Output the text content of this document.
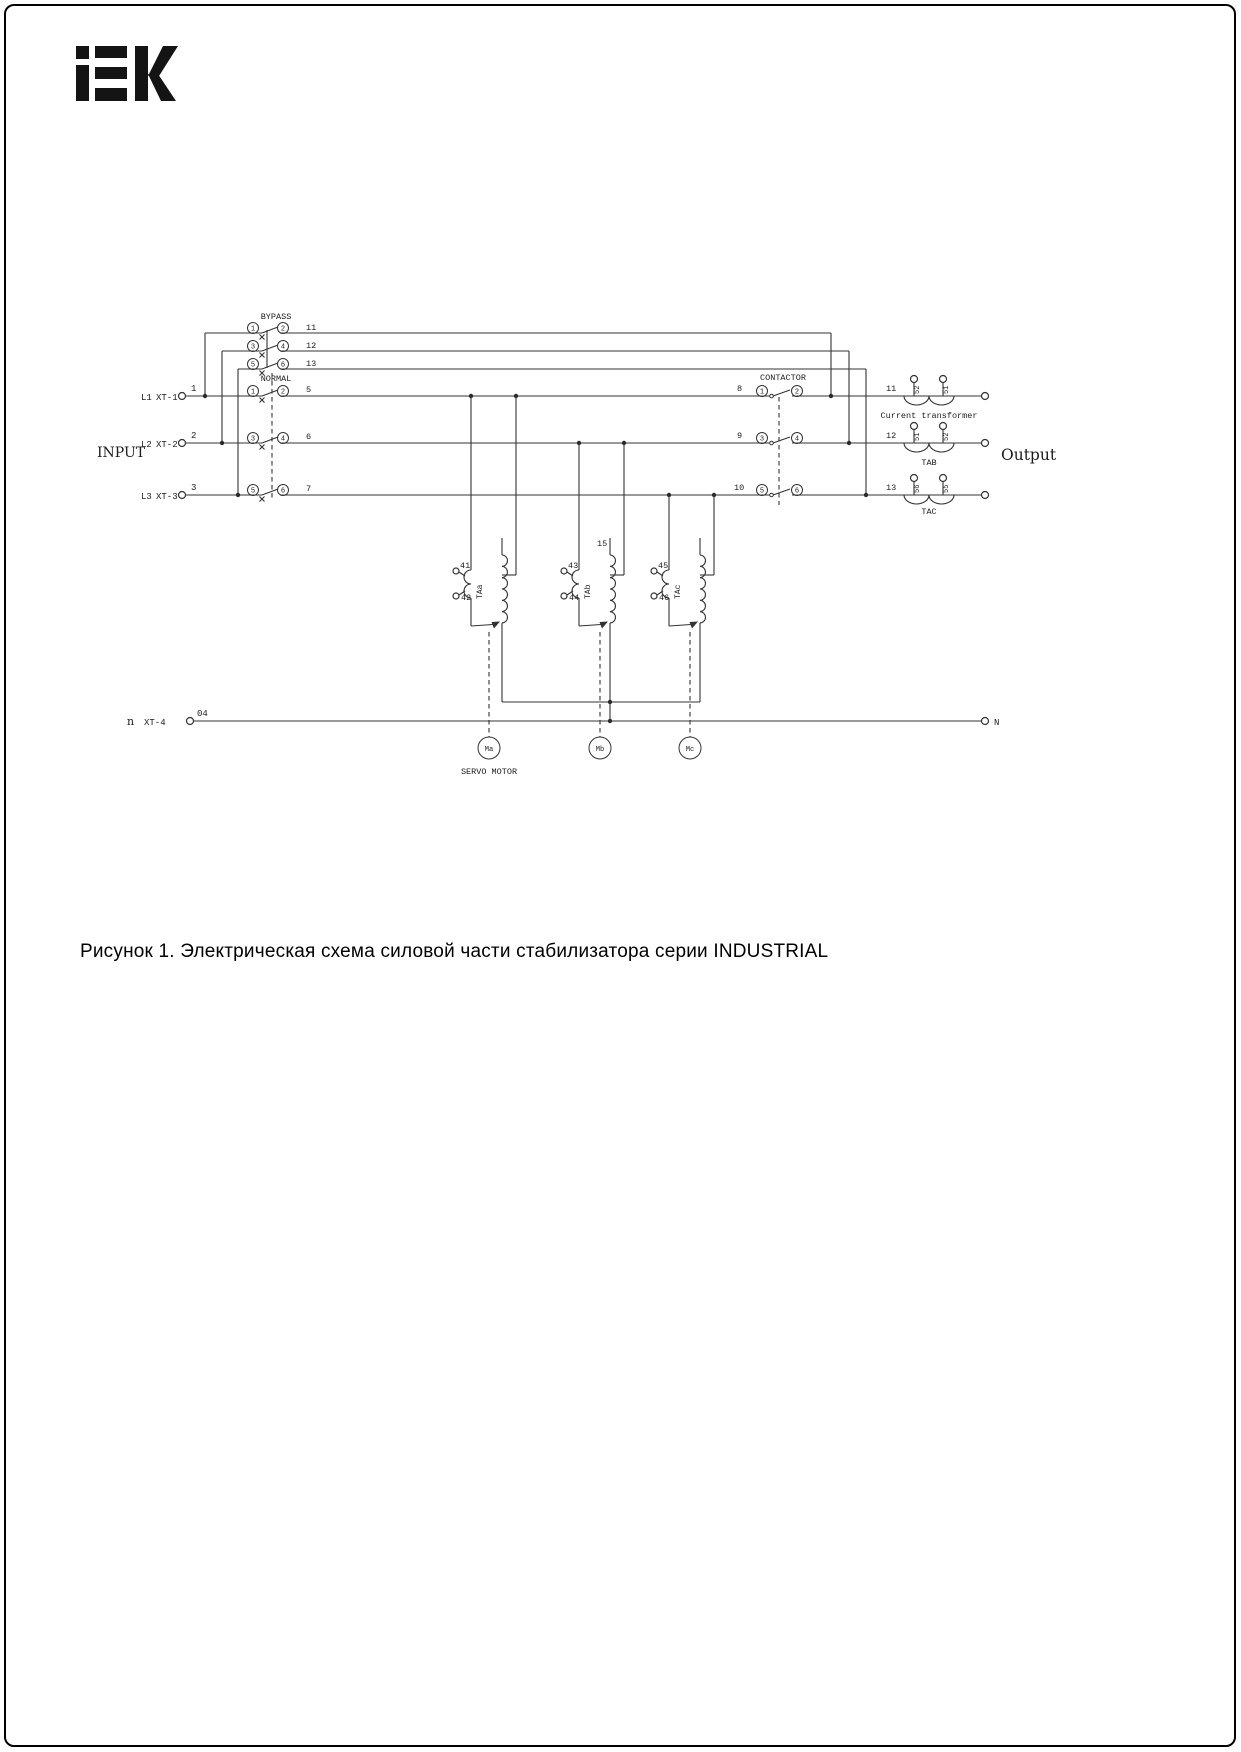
BYPASS
NORMAL	CONTACTOR
INPUT	Output
Current transformer
TAB
TAC
1	2 11
3	4 12
5	6 13
L1 XT-1
1	1	2 5	8	1	2	11	52	51
L2 XT-2
2	3	4 6	9	3	4	12	51	52
L3 XT-3
3	5	6 7	10 5	6	13	56	55
41
42 TAa
Ma
SERVO MOTOR
43
44 TAb
15
Mb
45
46 TAc
Mc
n XT-4
04
N
Рисунок 1. Электрическая схема силовой части стабилизатора серии INDUSTRIAL
